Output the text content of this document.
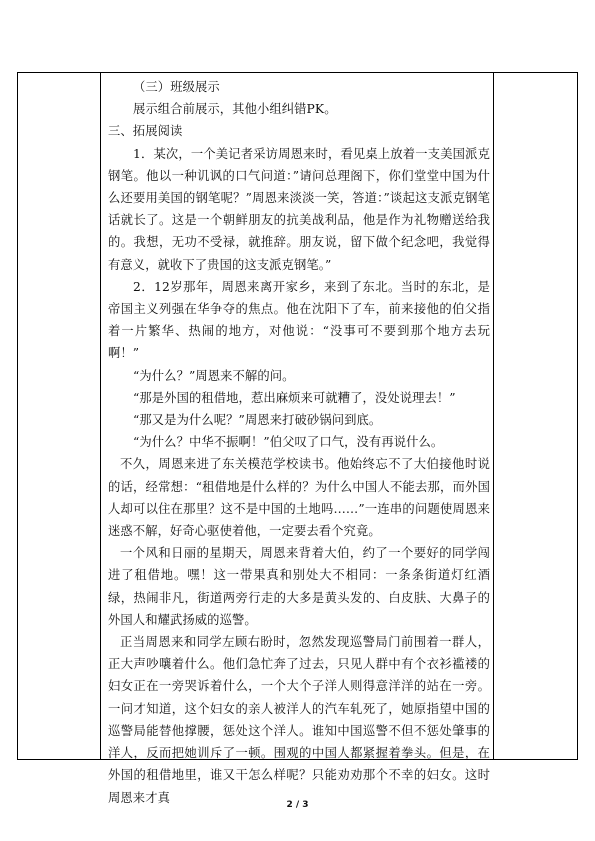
（三）班级展示

展示组合前展示，其他小组纠错PK。

三、拓展阅读

1．某次，一个美记者采访周恩来时，看见桌上放着一支美国派克钢笔。他以一种讥讽的口气问道：”请问总理阁下，你们堂堂中国为什么还要用美国的钢笔呢？”周恩来淡淡一笑，答道：”谈起这支派克钢笔话就长了。这是一个朝鲜朋友的抗美战利品，他是作为礼物赠送给我的。我想，无功不受禄，就推辞。朋友说，留下做个纪念吧，我觉得有意义，就收下了贵国的这支派克钢笔。”

2．12岁那年，周恩来离开家乡，来到了东北。当时的东北，是帝国主义列强在华争夺的焦点。他在沈阳下了车，前来接他的伯父指着一片繁华、热闹的地方，对他说：“没事可不要到那个地方去玩啊！”

“为什么？”周恩来不解的问。

“那是外国的租借地，惹出麻烦来可就糟了，没处说理去！”

“那又是为什么呢？”周恩来打破砂锅问到底。

“为什么？中华不振啊！”伯父叹了口气，没有再说什么。

不久，周恩来进了东关模范学校读书。他始终忘不了大伯接他时说的话，经常想：“租借地是什么样的？为什么中国人不能去那，而外国人却可以住在那里？这不是中国的土地吗……”一连串的问题使周恩来迷惑不解，好奇心驱使着他，一定要去看个究竟。

一个风和日丽的星期天，周恩来背着大伯，约了一个要好的同学闯进了租借地。嘿！这一带果真和别处大不相同：一条条街道灯红酒绿，热闹非凡，街道两旁行走的大多是黄头发的、白皮肤、大鼻子的外国人和耀武扬威的巡警。

正当周恩来和同学左顾右盼时，忽然发现巡警局门前围着一群人，正大声吵嚷着什么。他们急忙奔了过去，只见人群中有个衣衫褴褛的妇女正在一旁哭诉着什么，一个大个子洋人则得意洋洋的站在一旁。一问才知道，这个妇女的亲人被洋人的汽车轧死了，她原指望中国的巡警局能替他撑腰，惩处这个洋人。谁知中国巡警不但不惩处肇事的洋人，反而把她训斥了一顿。围观的中国人都紧握着拳头。但是，在外国的租借地里，谁又干怎么样呢？只能劝劝那个不幸的妇女。这时周恩来才真

2 / 3
